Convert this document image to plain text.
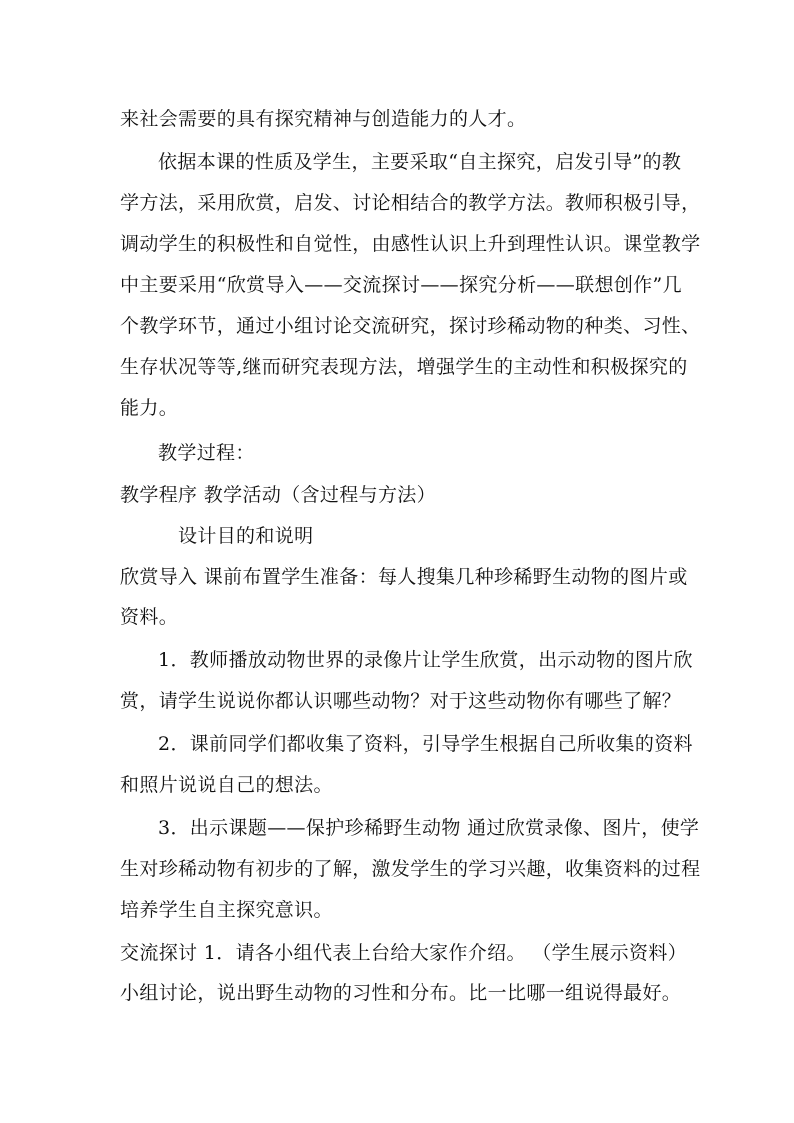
来社会需要的具有探究精神与创造能力的人才。
依据本课的性质及学生，主要采取“自主探究，启发引导”的教
学方法，采用欣赏，启发、讨论相结合的教学方法。教师积极引导，
调动学生的积极性和自觉性，由感性认识上升到理性认识。课堂教学
中主要采用“欣赏导入——交流探讨——探究分析——联想创作”几
个教学环节，通过小组讨论交流研究，探讨珍稀动物的种类、习性、
生存状况等等,继而研究表现方法，增强学生的主动性和积极探究的
能力。
教学过程：
教学程序 教学活动（含过程与方法）
设计目的和说明
欣赏导入 课前布置学生准备：每人搜集几种珍稀野生动物的图片或
资料。
1．教师播放动物世界的录像片让学生欣赏，出示动物的图片欣
赏，请学生说说你都认识哪些动物？对于这些动物你有哪些了解？
2．课前同学们都收集了资料，引导学生根据自己所收集的资料
和照片说说自己的想法。
3．出示课题——保护珍稀野生动物 通过欣赏录像、图片，使学
生对珍稀动物有初步的了解，激发学生的学习兴趣，收集资料的过程
培养学生自主探究意识。
交流探讨 1．请各小组代表上台给大家作介绍。 （学生展示资料）
小组讨论，说出野生动物的习性和分布。比一比哪一组说得最好。
